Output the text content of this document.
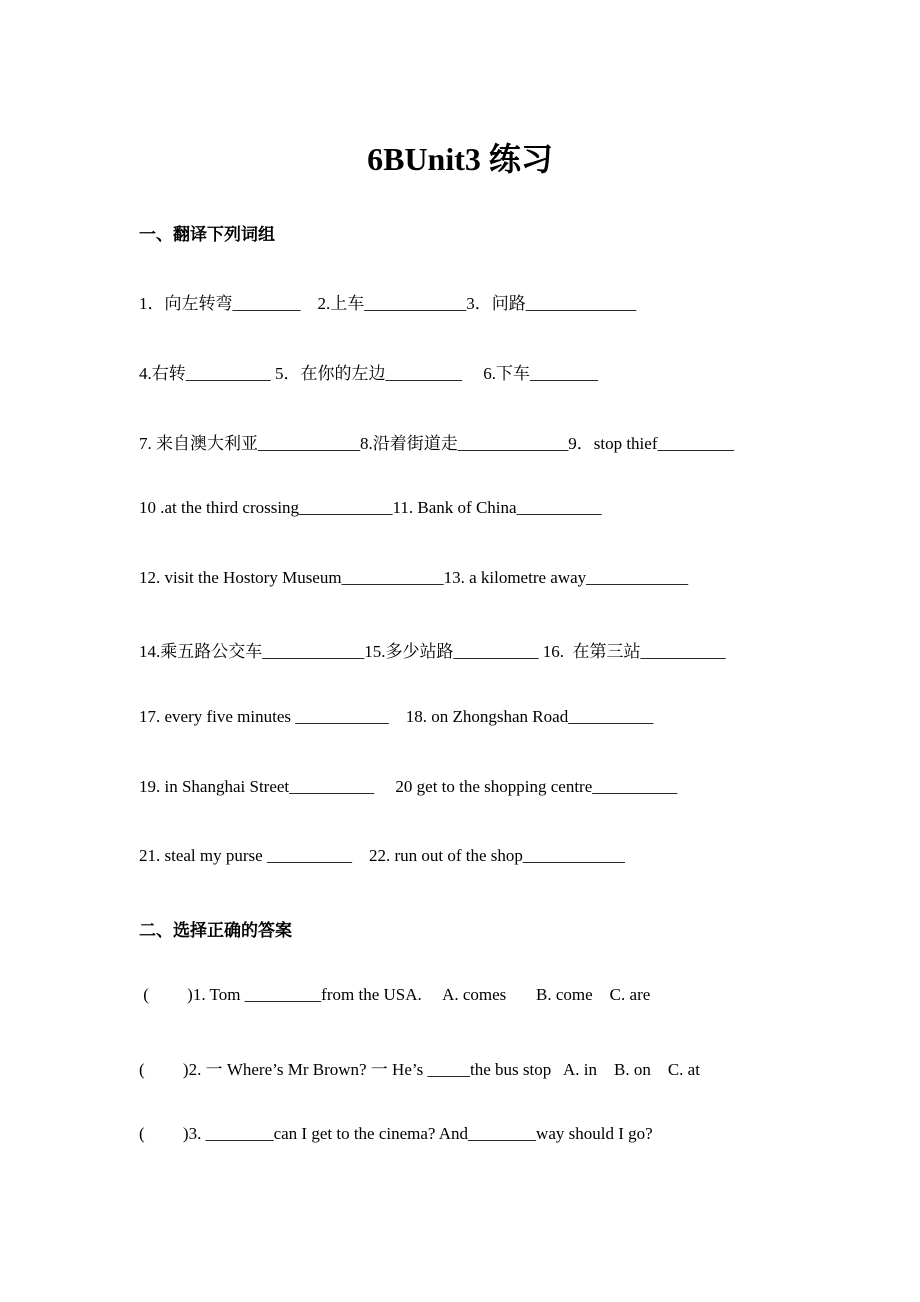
6BUnit3 练习
一、翻译下列词组
1．向左转弯________    2.上车____________3．问路_____________
4.右转__________ 5．在你的左边_________     6.下车________
7. 来自澳大利亚____________8.沿着街道走_____________9．stop thief_________
10 .at the third crossing___________11. Bank of China__________
12. visit the Hostory Museum____________13. a kilometre away____________
14.乘五路公交车____________15.多少站路__________ 16.  在第三站__________
17. every five minutes ___________    18. on Zhongshan Road__________
19. in Shanghai Street__________     20 get to the shopping centre__________
21. steal my purse __________    22. run out of the shop____________
二、选择正确的答案
(         )1. Tom _________from the USA.     A. comes       B. come    C. are
(         )2. 一 Where’s Mr Brown? 一 He’s _____the bus stop   A. in    B. on    C. at
(         )3. ________can I get to the cinema? And________way should I go?
